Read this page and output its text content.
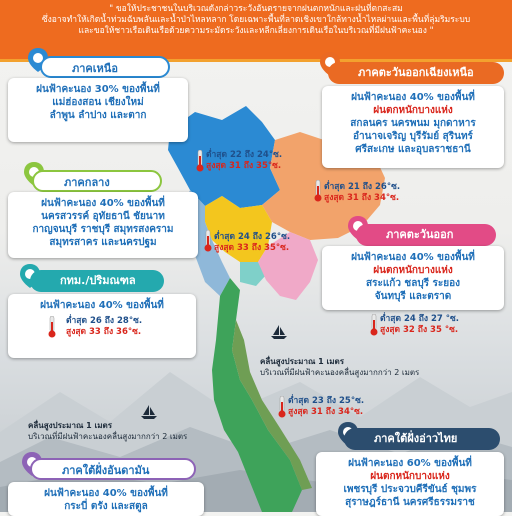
" ขอให้ประชาชนในบริเวณดังกล่าวระวังอันตรายจากฝนตกหนักและฝนที่ตกสะสม
ซึ่งอาจทำให้เกิดน้ำท่วมฉับพลันและน้ำป่าไหลหลาก โดยเฉพาะพื้นที่ลาดเชิงเขาใกล้ทางน้ำไหลผ่านและพื้นที่ลุ่มริมระบบ
และขอให้ชาวเรือเดินเรือด้วยความระมัดระวังและหลีกเลี่ยงการเดินเรือในบริเวณที่มีฝนฟ้าคะนอง "
ภาคเหนือ
ฝนฟ้าคะนอง 30% ของพื้นที่
แม่ฮ่องสอน เชียงใหม่
ลำพูน ลำปาง และตาก
ต่ำสุด 22 ถึง 24°ซ.
สูงสุด 31 ถึง 35°ซ.
ภาคตะวันออกเฉียงเหนือ
ฝนฟ้าคะนอง 40% ของพื้นที่
ฝนตกหนักบางแห่ง
สกลนคร นครพนม มุกดาหาร
อำนาจเจริญ บุรีรัมย์ สุรินทร์
ศรีสะเกษ และอุบลราชธานี
ต่ำสุด 21 ถึง 26°ซ.
สูงสุด 31 ถึง 34°ซ.
ภาคกลาง
ฝนฟ้าคะนอง 40% ของพื้นที่
นครสวรรค์ อุทัยธานี ชัยนาท
กาญจนบุรี ราชบุรี สมุทรสงคราม
สมุทรสาคร และนครปฐม	ต่ำสุด 24 ถึง 26°ซ.
สูงสุด 33 ถึง 35°ซ.
ภาคตะวันออก
ฝนฟ้าคะนอง 40% ของพื้นที่
ฝนตกหนักบางแห่ง
สระแก้ว ชลบุรี ระยอง
จันทบุรี และตราด
ต่ำสุด 24 ถึง 27 °ซ.
สูงสุด 32 ถึง 35 °ซ.
กทม./ปริมณฑล
ฝนฟ้าคะนอง 40% ของพื้นที่
ต่ำสุด 26 ถึง 28°ซ.
สูงสุด 33 ถึง 36°ซ.
คลื่นสูงประมาณ 1 เมตร
บริเวณที่มีฝนฟ้าคะนองคลื่นสูงมากกว่า 2 เมตร
คลื่นสูงประมาณ 1 เมตร
บริเวณที่มีฝนฟ้าคะนองคลื่นสูงมากกว่า 2 เมตร
ต่ำสุด 23 ถึง 25°ซ.
สูงสุด 31 ถึง 34°ซ.
ภาคใต้ฝั่งอ่าวไทย
ฝนฟ้าคะนอง 60% ของพื้นที่
ฝนตกหนักบางแห่ง
เพชรบุรี ประจวบคีรีขันธ์ ชุมพร
สุราษฎร์ธานี นครศรีธรรมราช
ภาคใต้ฝั่งอันดามัน
ฝนฟ้าคะนอง 40% ของพื้นที่
กระบี่ ตรัง และสตูล
